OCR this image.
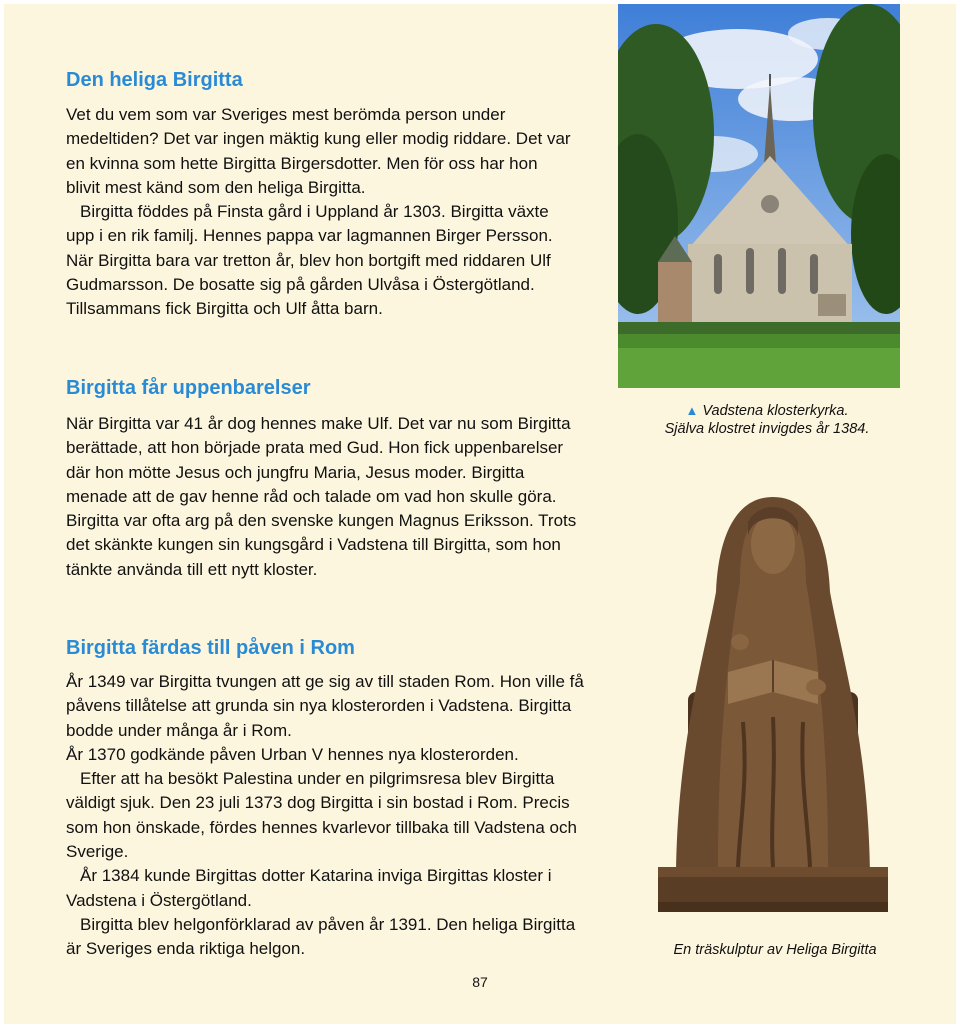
Den heliga Birgitta

Vet du vem som var Sveriges mest berömda person under medeltiden? Det var ingen mäktig kung eller modig riddare. Det var en kvinna som hette Birgitta Birgersdotter. Men för oss har hon blivit mest känd som den heliga Birgitta.

Birgitta föddes på Finsta gård i Uppland år 1303. Birgitta växte upp i en rik familj. Hennes pappa var lagmannen Birger Persson. När Birgitta bara var tretton år, blev hon bortgift med riddaren Ulf Gudmarsson. De bosatte sig på gården Ulvåsa i Östergötland. Tillsammans fick Birgitta och Ulf åtta barn.

Birgitta får uppenbarelser

När Birgitta var 41 år dog hennes make Ulf. Det var nu som Birgitta berättade, att hon började prata med Gud. Hon fick uppenbarelser där hon mötte Jesus och jungfru Maria, Jesus moder. Birgitta menade att de gav henne råd och talade om vad hon skulle göra. Birgitta var ofta arg på den svenske kungen Magnus Eriksson. Trots det skänkte kungen sin kungsgård i Vadstena till Birgitta, som hon tänkte använda till ett nytt kloster.

Birgitta färdas till påven i Rom

År 1349 var Birgitta tvungen att ge sig av till staden Rom. Hon ville få påvens tillåtelse att grunda sin nya klosterorden i Vadstena. Birgitta bodde under många år i Rom.

År 1370 godkände påven Urban V hennes nya klosterorden.

Efter att ha besökt Palestina under en pilgrimsresa blev Birgitta väldigt sjuk. Den 23 juli 1373 dog Birgitta i sin bostad i Rom. Precis som hon önskade, fördes hennes kvarlevor tillbaka till Vadstena och Sverige.

År 1384 kunde Birgittas dotter Katarina inviga Birgittas kloster i Vadstena i Östergötland.

Birgitta blev helgonförklarad av påven år 1391. Den heliga Birgitta är Sveriges enda riktiga helgon.

▲ Vadstena klosterkyrka.
Själva klostret invigdes år 1384.
En träskulptur av Heliga Birgitta
87
